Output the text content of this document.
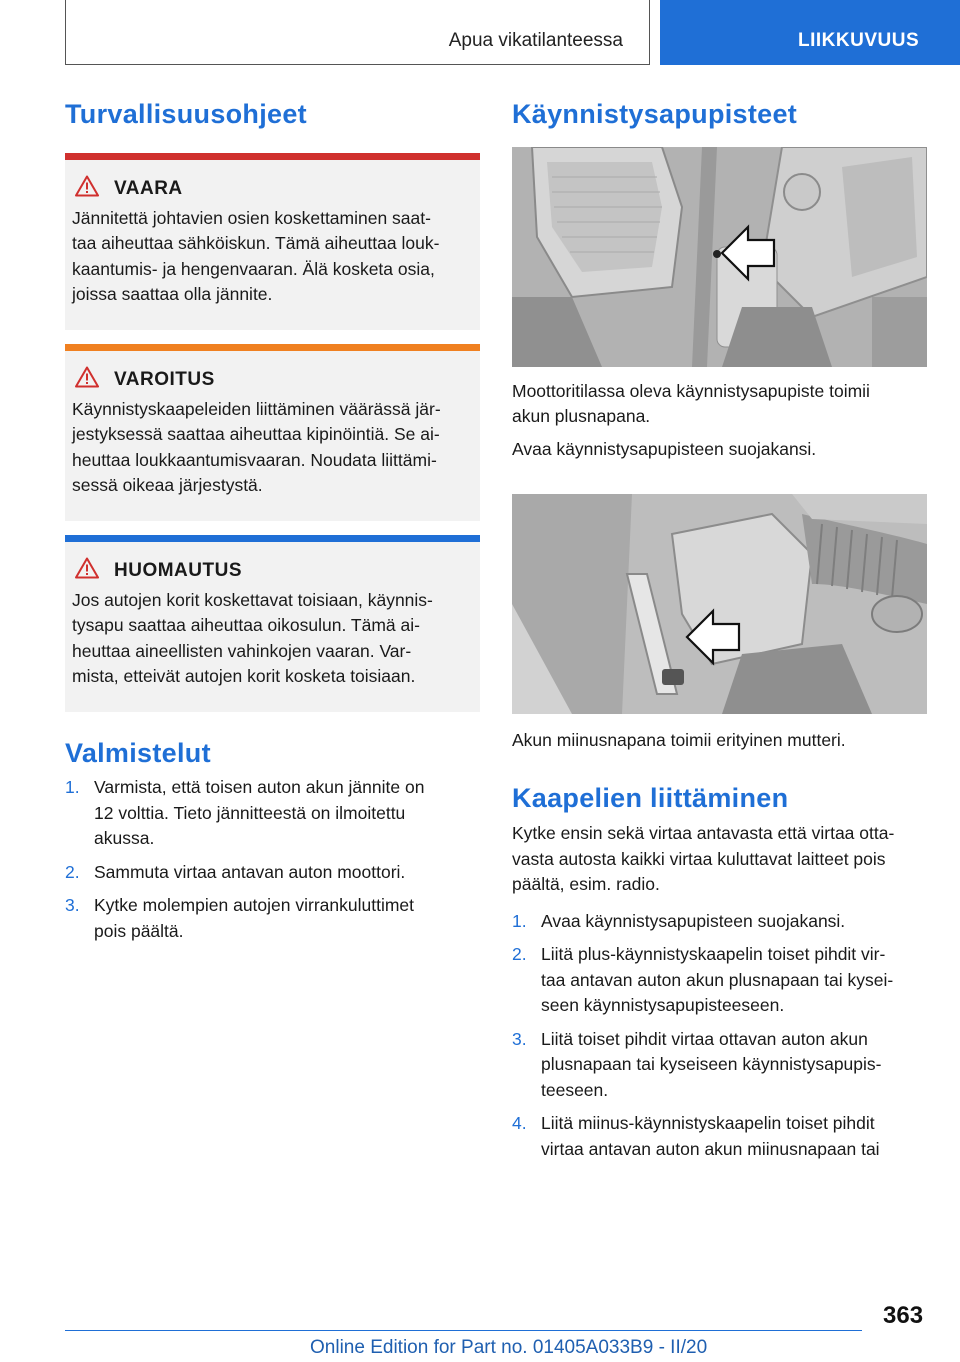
Apua vikatilanteessa	LIIKKUVUUS
Turvallisuusohjeet
VAARA
Jännitettä johtavien osien koskettaminen saat‐
taa aiheuttaa sähköiskun. Tämä aiheuttaa louk‐
kaantumis- ja hengenvaaran. Älä kosketa osia,
joissa saattaa olla jännite.
VAROITUS
Käynnistyskaapeleiden liittäminen väärässä jär‐
jestyksessä saattaa aiheuttaa kipinöintiä. Se ai‐
heuttaa loukkaantumisvaaran. Noudata liittämi‐
sessä oikeaa järjestystä.
HUOMAUTUS
Jos autojen korit koskettavat toisiaan, käynnis‐
tysapu saattaa aiheuttaa oikosulun. Tämä ai‐
heuttaa aineellisten vahinkojen vaaran. Var‐
mista, etteivät autojen korit kosketa toisiaan.
Valmistelut
1. Varmista, että toisen auton akun jännite on
12 volttia. Tieto jännitteestä on ilmoitettu
akussa.
2. Sammuta virtaa antavan auton moottori.
3. Kytke molempien autojen virrankuluttimet
pois päältä.
Käynnistysapupisteet

Moottoritilassa oleva käynnistysapupiste toimii
akun plusnapana.

Avaa käynnistysapupisteen suojakansi.

Akun miinusnapana toimii erityinen mutteri.

Kaapelien liittäminen

Kytke ensin sekä virtaa antavasta että virtaa otta‐
vasta autosta kaikki virtaa kuluttavat laitteet pois
päältä, esim. radio.

1. Avaa käynnistysapupisteen suojakansi.
2. Liitä plus-käynnistyskaapelin toiset pihdit vir‐
taa antavan auton akun plusnapaan tai kysei‐
seen käynnistysapupisteeseen.
3. Liitä toiset pihdit virtaa ottavan auton akun
plusnapaan tai kyseiseen käynnistysapupis‐
teeseen.
4. Liitä miinus-käynnistyskaapelin toiset pihdit
virtaa antavan auton akun miinusnapaan tai
363
Online Edition for Part no. 01405A033B9 - II/20
